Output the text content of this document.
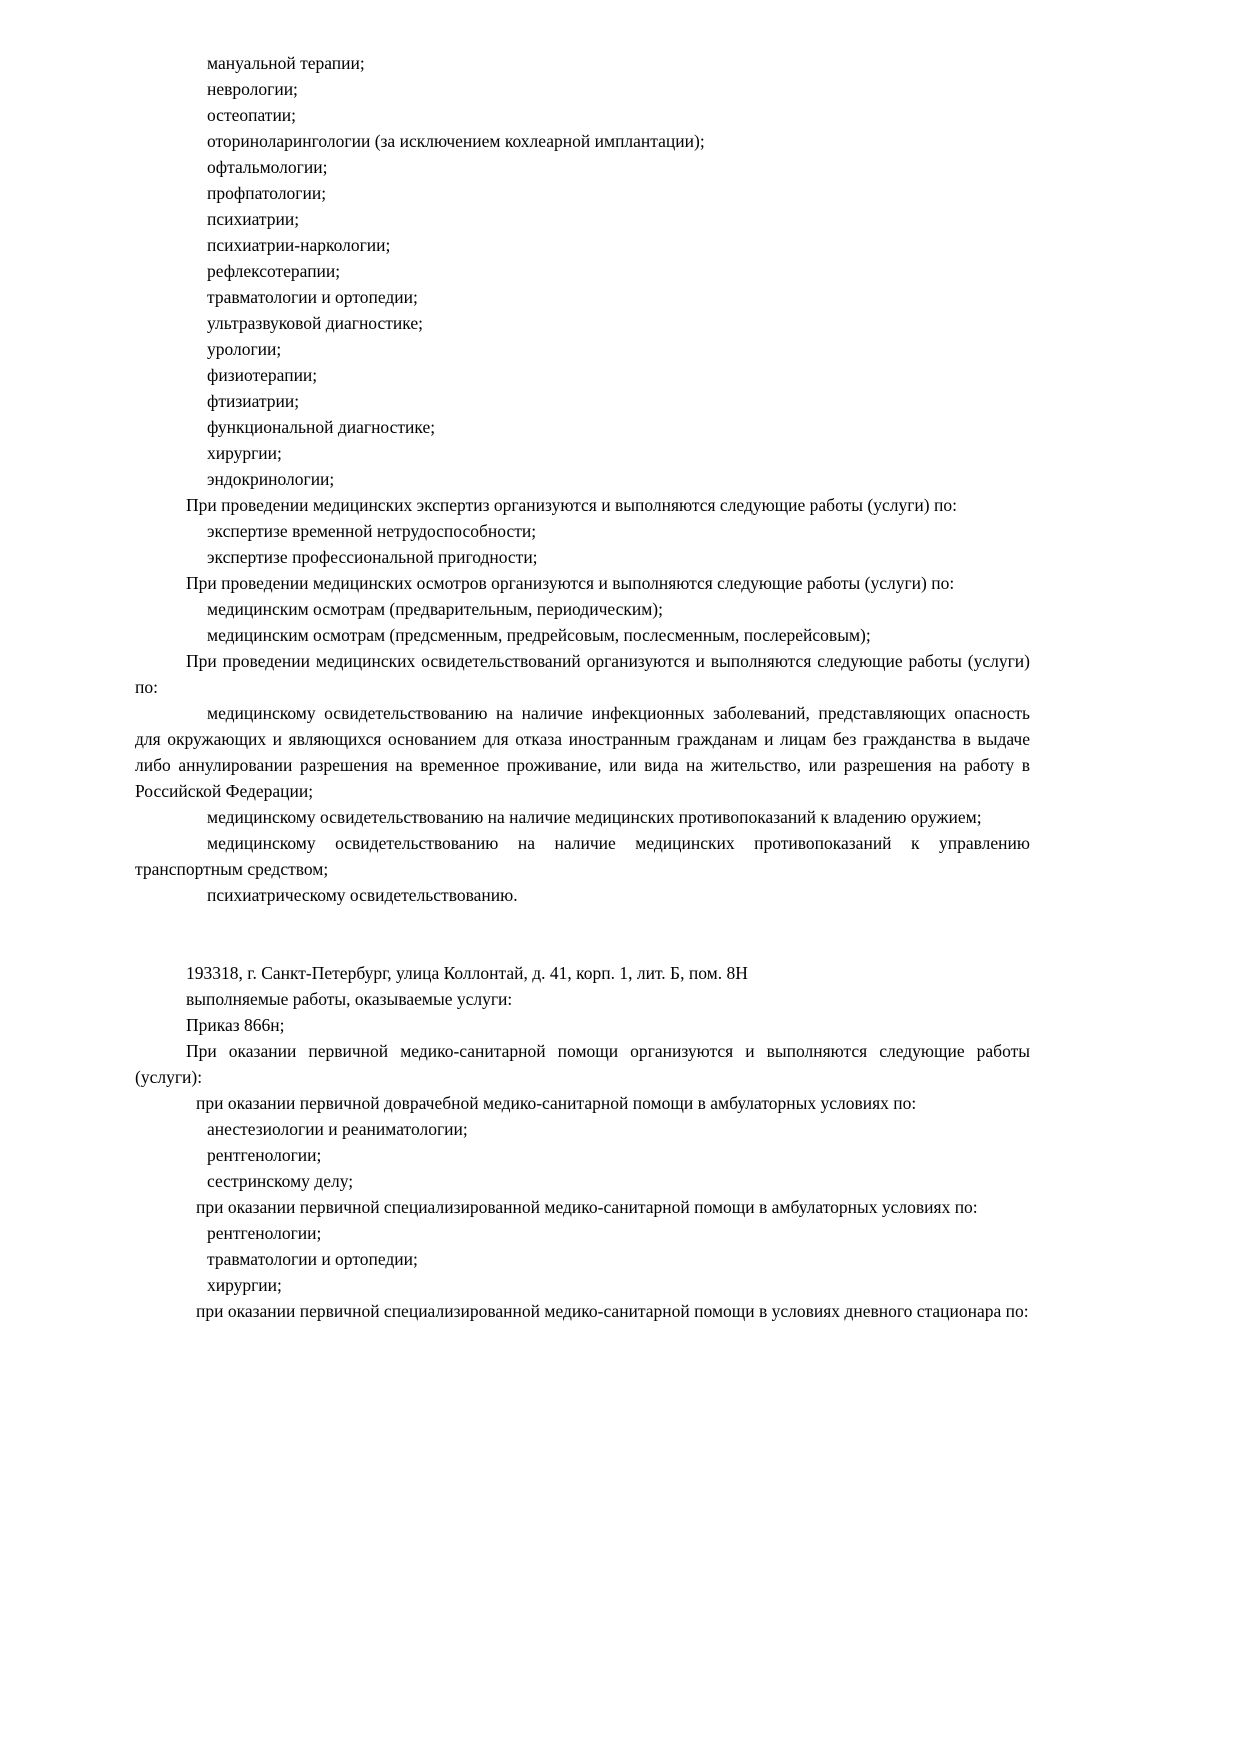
мануальной терапии;
неврологии;
остеопатии;
оториноларингологии (за исключением кохлеарной имплантации);
офтальмологии;
профпатологии;
психиатрии;
психиатрии-наркологии;
рефлексотерапии;
травматологии и ортопедии;
ультразвуковой диагностике;
урологии;
физиотерапии;
фтизиатрии;
функциональной диагностике;
хирургии;
эндокринологии;
При проведении медицинских экспертиз организуются и выполняются следующие работы (услуги) по:
экспертизе временной нетрудоспособности;
экспертизе профессиональной пригодности;
При проведении медицинских осмотров организуются и выполняются следующие работы (услуги) по:
медицинским осмотрам (предварительным, периодическим);
медицинским осмотрам (предсменным, предрейсовым, послесменным, послерейсовым);
При проведении медицинских освидетельствований организуются и выполняются следующие работы (услуги) по:
медицинскому освидетельствованию на наличие инфекционных заболеваний, представляющих опасность для окружающих и являющихся основанием для отказа иностранным гражданам и лицам без гражданства в выдаче либо аннулировании разрешения на временное проживание, или вида на жительство, или разрешения на работу в Российской Федерации;
медицинскому освидетельствованию на наличие медицинских противопоказаний к владению оружием;
медицинскому освидетельствованию на наличие медицинских противопоказаний к управлению транспортным средством;
психиатрическому освидетельствованию.
193318, г. Санкт-Петербург, улица Коллонтай, д. 41, корп. 1, лит. Б, пом. 8Н
выполняемые работы, оказываемые услуги:
Приказ 866н;
При оказании первичной медико-санитарной помощи организуются и выполняются следующие работы (услуги):
при оказании первичной доврачебной медико-санитарной помощи в амбулаторных условиях по:
анестезиологии и реаниматологии;
рентгенологии;
сестринскому делу;
при оказании первичной специализированной медико-санитарной помощи в амбулаторных условиях по:
рентгенологии;
травматологии и ортопедии;
хирургии;
при оказании первичной специализированной медико-санитарной помощи в условиях дневного стационара по:
